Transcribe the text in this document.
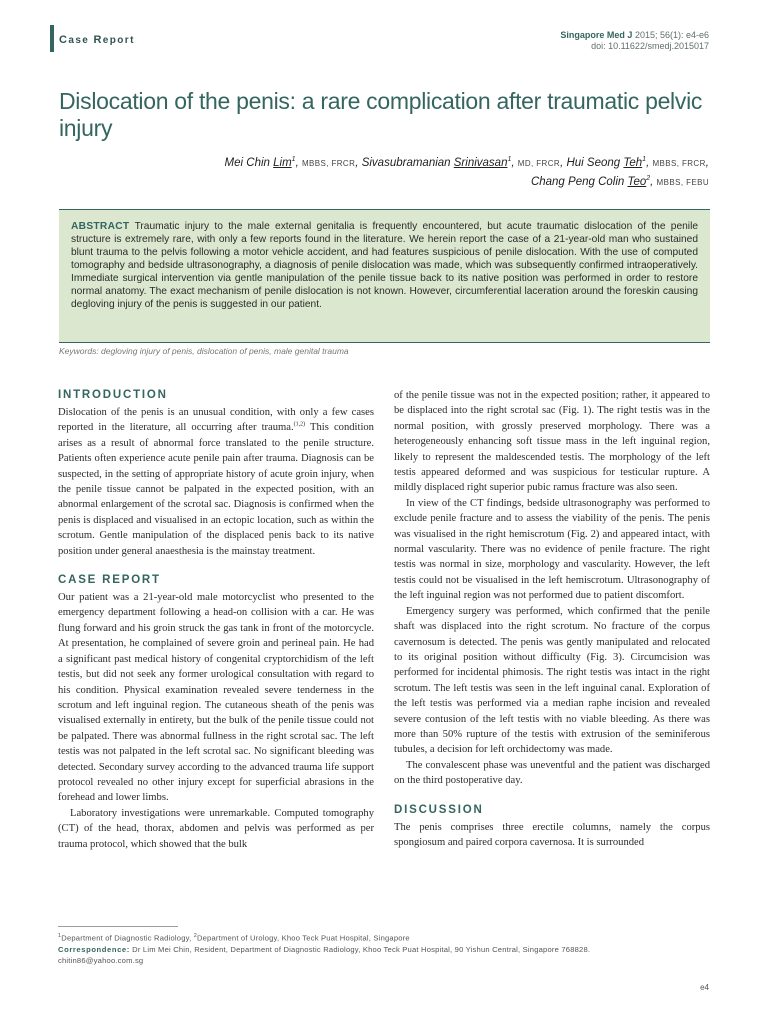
Case Report	Singapore Med J 2015; 56(1): e4-e6
doi: 10.11622/smedj.2015017
Dislocation of the penis: a rare complication after traumatic pelvic injury
Mei Chin Lim$^1$, MBBS, FRCR, Sivasubramanian Srinivasan$^1$, MD, FRCR, Hui Seong Teh$^1$, MBBS, FRCR,
Chang Peng Colin Teo$^2$, MBBS, FEBU
ABSTRACT Traumatic injury to the male external genitalia is frequently encountered, but acute traumatic dislocation of the penile structure is extremely rare, with only a few reports found in the literature. We herein report the case of a 21-year-old man who sustained blunt trauma to the pelvis following a motor vehicle accident, and had features suspicious of penile dislocation. With the use of computed tomography and bedside ultrasonography, a diagnosis of penile dislocation was made, which was subsequently confirmed intraoperatively. Immediate surgical intervention via gentle manipulation of the penile tissue back to its native position was performed in order to restore normal anatomy. The exact mechanism of penile dislocation is not known. However, circumferential laceration around the foreskin causing degloving injury of the penis is suggested in our patient.
Keywords: degloving injury of penis, dislocation of penis, male genital trauma
INTRODUCTION

Dislocation of the penis is an unusual condition, with only a few cases reported in the literature, all occurring after trauma.$^{(1,2)}$ This condition arises as a result of abnormal force translated to the penile structure. Patients often experience acute penile pain after trauma. Diagnosis can be suspected, in the setting of appropriate history of acute groin injury, when the penile tissue cannot be palpated in the expected position, with an abnormal enlargement of the scrotal sac. Diagnosis is confirmed when the penis is displaced and visualised in an ectopic location, such as within the scrotum. Gentle manipulation of the displaced penis back to its native position under general anaesthesia is the mainstay treatment.

CASE REPORT

Our patient was a 21-year-old male motorcyclist who presented to the emergency department following a head-on collision with a car. He was flung forward and his groin struck the gas tank in front of the motorcycle. At presentation, he complained of severe groin and perineal pain. He had a significant past medical history of congenital cryptorchidism of the left testis, but did not seek any former urological consultation with regard to his condition. Physical examination revealed severe tenderness in the scrotum and left inguinal region. The cutaneous sheath of the penis was visualised externally in entirety, but the bulk of the penile tissue could not be palpated. There was abnormal fullness in the right scrotal sac. The left testis was not palpated in the left scrotal sac. No significant bleeding was detected. Secondary survey according to the advanced trauma life support protocol revealed no other injury except for superficial abrasions in the forehead and lower limbs.

Laboratory investigations were unremarkable. Computed tomography (CT) of the head, thorax, abdomen and pelvis was performed as per trauma protocol, which showed that the bulk

of the penile tissue was not in the expected position; rather, it appeared to be displaced into the right scrotal sac (Fig. 1). The right testis was in the normal position, with grossly preserved morphology. There was a heterogeneously enhancing soft tissue mass in the left inguinal region, likely to represent the maldescended testis. The morphology of the left testis appeared deformed and was suspicious for testicular rupture. A mildly displaced right superior pubic ramus fracture was also seen.

In view of the CT findings, bedside ultrasonography was performed to exclude penile fracture and to assess the viability of the penis. The penis was visualised in the right hemiscrotum (Fig. 2) and appeared intact, with normal vascularity. There was no evidence of penile fracture. The right testis was normal in size, morphology and vascularity. However, the left testis could not be visualised in the left hemiscrotum. Ultrasonography of the left inguinal region was not performed due to patient discomfort.

Emergency surgery was performed, which confirmed that the penile shaft was displaced into the right scrotum. No fracture of the corpus cavernosum is detected. The penis was gently manipulated and relocated to its original position without difficulty (Fig. 3). Circumcision was performed for incidental phimosis. The right testis was intact in the right scrotum. The left testis was seen in the left inguinal canal. Exploration of the left testis was performed via a median raphe incision and revealed severe contusion of the left testis with no viable bleeding. As there was more than 50% rupture of the testis with extrusion of the seminiferous tubules, a decision for left orchidectomy was made.

The convalescent phase was uneventful and the patient was discharged on the third postoperative day.

DISCUSSION

The penis comprises three erectile columns, namely the corpus spongiosum and paired corpora cavernosa. It is surrounded

$^1$Department of Diagnostic Radiology, $^2$Department of Urology, Khoo Teck Puat Hospital, Singapore
Correspondence: Dr Lim Mei Chin, Resident, Department of Diagnostic Radiology, Khoo Teck Puat Hospital, 90 Yishun Central, Singapore 768828.
chitin86@yahoo.com.sg
e4
